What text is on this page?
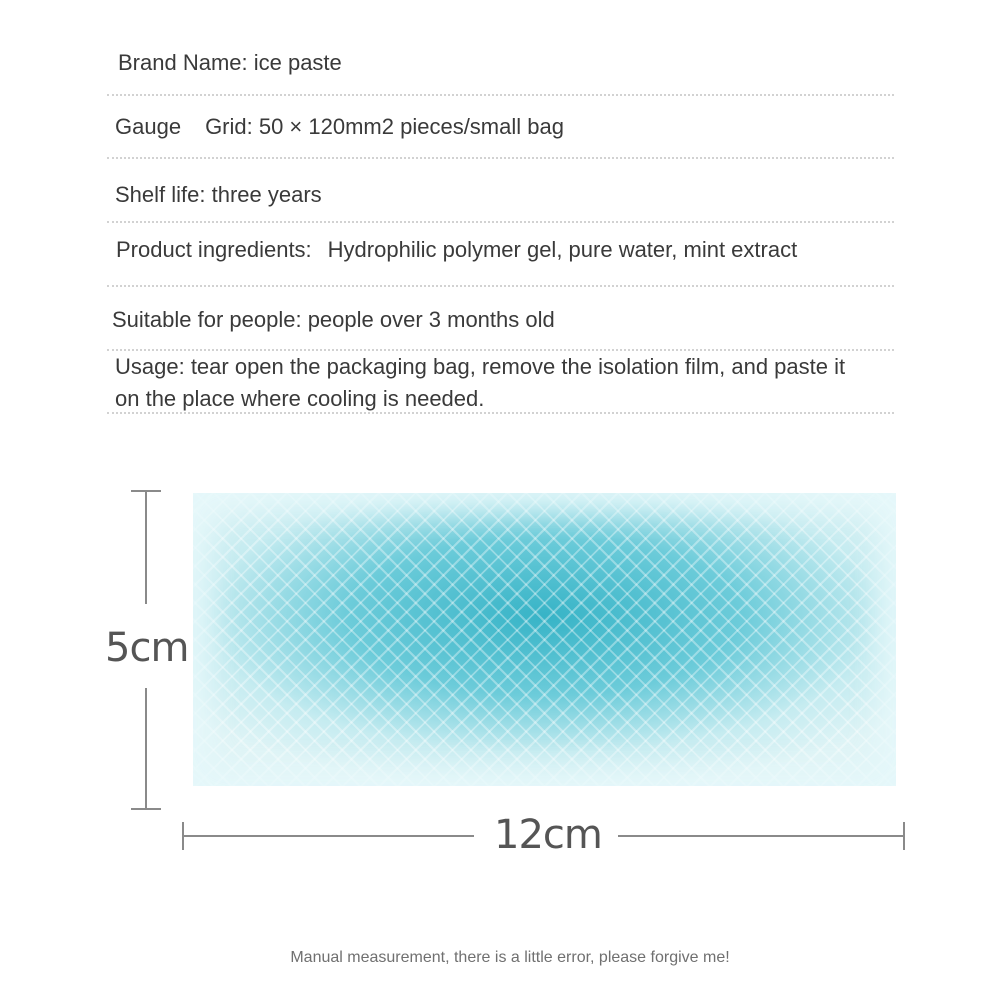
Brand Name: ice paste
Gauge Grid: 50 × 120mm2 pieces/small bag
Shelf life: three years
Product ingredients: Hydrophilic polymer gel, pure water, mint extract
Suitable for people: people over 3 months old
Usage: tear open the packaging bag, remove the isolation film, and paste it on the place where cooling is needed.
5cm
12cm
Manual measurement, there is a little error, please forgive me!
